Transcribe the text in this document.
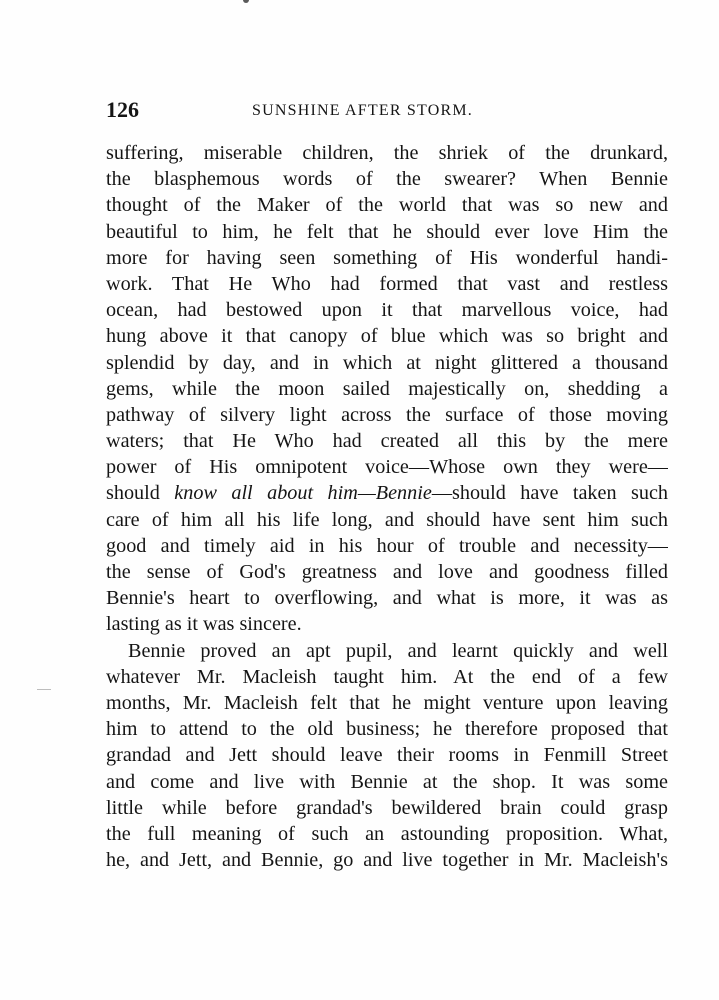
126	SUNSHINE AFTER STORM.
suffering, miserable children, the shriek of the drunkard,
the blasphemous words of the swearer? When Bennie
thought of the Maker of the world that was so new and
beautiful to him, he felt that he should ever love Him the
more for having seen something of His wonderful handi-
work. That He Who had formed that vast and restless
ocean, had bestowed upon it that marvellous voice, had
hung above it that canopy of blue which was so bright and
splendid by day, and in which at night glittered a thousand
gems, while the moon sailed majestically on, shedding a
pathway of silvery light across the surface of those moving
waters; that He Who had created all this by the mere
power of His omnipotent voice—Whose own they were—
should know all about him—Bennie—should have taken such
care of him all his life long, and should have sent him such
good and timely aid in his hour of trouble and necessity—
the sense of God's greatness and love and goodness filled
Bennie's heart to overflowing, and what is more, it was as
lasting as it was sincere.
Bennie proved an apt pupil, and learnt quickly and well
whatever Mr. Macleish taught him. At the end of a few
months, Mr. Macleish felt that he might venture upon leaving
him to attend to the old business; he therefore proposed that
grandad and Jett should leave their rooms in Fenmill Street
and come and live with Bennie at the shop. It was some
little while before grandad's bewildered brain could grasp
the full meaning of such an astounding proposition. What,
he, and Jett, and Bennie, go and live together in Mr. Macleish's
